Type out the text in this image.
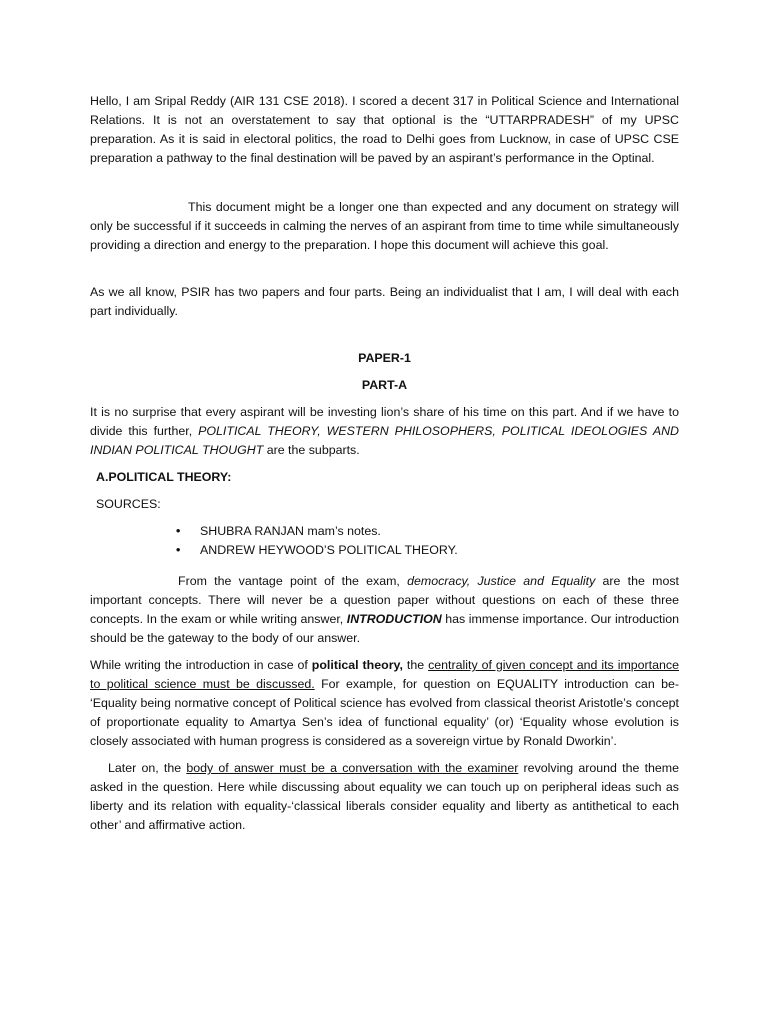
Hello, I am Sripal Reddy (AIR 131 CSE 2018). I scored a decent 317 in Political Science and International Relations. It is not an overstatement to say that optional is the “UTTARPRADESH” of my UPSC preparation. As it is said in electoral politics, the road to Delhi goes from Lucknow, in case of UPSC CSE preparation a pathway to the final destination will be paved by an aspirant’s performance in the Optinal.

This document might be a longer one than expected and any document on strategy will only be successful if it succeeds in calming the nerves of an aspirant from time to time while simultaneously providing a direction and energy to the preparation. I hope this document will achieve this goal.

As we all know, PSIR has two papers and four parts. Being an individualist that I am, I will deal with each part individually.

PAPER-1

PART-A

It is no surprise that every aspirant will be investing lion’s share of his time on this part. And if we have to divide this further, POLITICAL THEORY, WESTERN PHILOSOPHERS, POLITICAL IDEOLOGIES AND INDIAN POLITICAL THOUGHT are the subparts.

A.POLITICAL THEORY:

SOURCES:

• SHUBRA RANJAN mam’s notes.
• ANDREW HEYWOOD’S POLITICAL THEORY.

From the vantage point of the exam, democracy, Justice and Equality are the most important concepts. There will never be a question paper without questions on each of these three concepts. In the exam or while writing answer, INTRODUCTION has immense importance. Our introduction should be the gateway to the body of our answer.

While writing the introduction in case of political theory, the centrality of given concept and its importance to political science must be discussed. For example, for question on EQUALITY introduction can be- ‘Equality being normative concept of Political science has evolved from classical theorist Aristotle’s concept of proportionate equality to Amartya Sen’s idea of functional equality’ (or) ‘Equality whose evolution is closely associated with human progress is considered as a sovereign virtue by Ronald Dworkin’.

Later on, the body of answer must be a conversation with the examiner revolving around the theme asked in the question. Here while discussing about equality we can touch up on peripheral ideas such as liberty and its relation with equality-‘classical liberals consider equality and liberty as antithetical to each other’ and affirmative action.
